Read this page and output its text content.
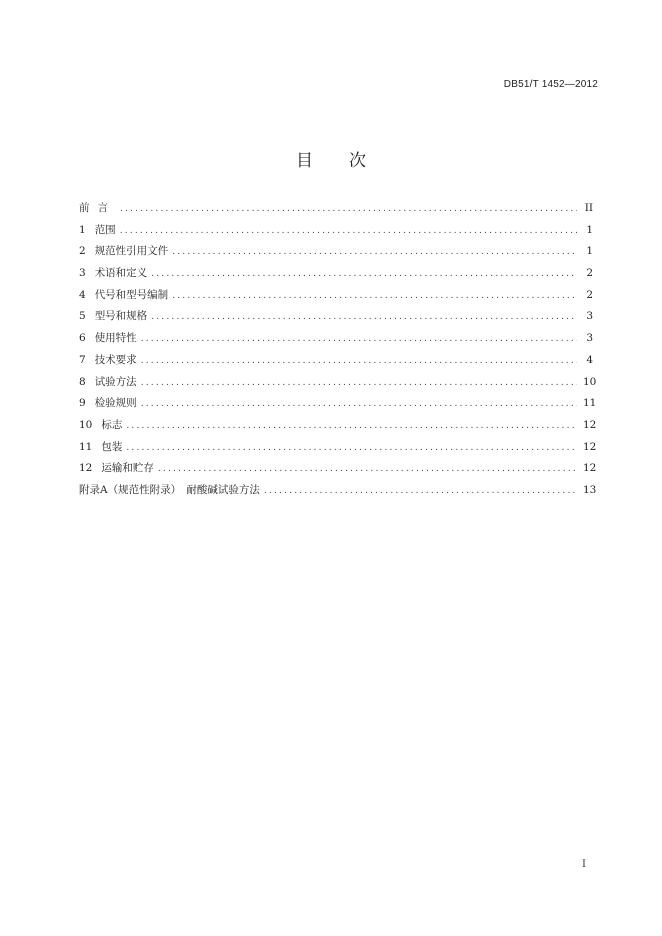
DB51/T 1452—2012
目 次
前言 .....	II
1 范围 .....	1
2 规范性引用文件 .....	1
3 术语和定义 .....	2
4 代号和型号编制 .....	2
5 型号和规格 .....	3
6 使用特性 .....	3
7 技术要求 .....	4
8 试验方法 .....	10
9 检验规则 .....	11
10 标志 .....	12
11 包装 .....	12
12 运输和贮存 .....	12
附录A（规范性附录）　耐酸碱试验方法 .....	13
I
